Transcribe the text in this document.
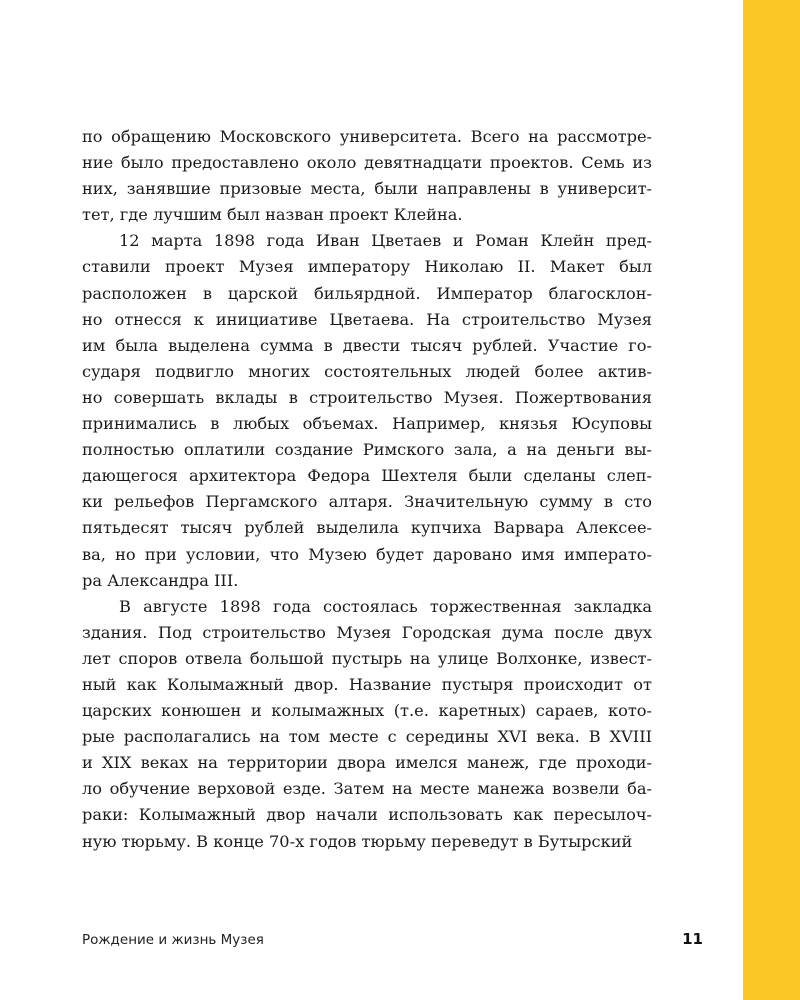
по обращению Московского университета. Всего на рассмотре-
ние было предоставлено около девятнадцати проектов. Семь из
них, занявшие призовые места, были направлены в университ-
тет, где лучшим был назван проект Клейна.
12 марта 1898 года Иван Цветаев и Роман Клейн пред-
ставили проект Музея императору Николаю II. Макет был
расположен в царской бильярдной. Император благосклон-
но отнесся к инициативе Цветаева. На строительство Музея
им была выделена сумма в двести тысяч рублей. Участие го-
сударя подвигло многих состоятельных людей более актив-
но совершать вклады в строительство Музея. Пожертвования
принимались в любых объемах. Например, князья Юсуповы
полностью оплатили создание Римского зала, а на деньги вы-
дающегося архитектора Федора Шехтеля были сделаны слеп-
ки рельефов Пергамского алтаря. Значительную сумму в сто
пятьдесят тысяч рублей выделила купчиха Варвара Алексее-
ва, но при условии, что Музею будет даровано имя императо-
ра Александра III.
В августе 1898 года состоялась торжественная закладка
здания. Под строительство Музея Городская дума после двух
лет споров отвела большой пустырь на улице Волхонке, извест-
ный как Колымажный двор. Название пустыря происходит от
царских конюшен и колымажных (т.е. каретных) сараев, кото-
рые располагались на том месте с середины XVI века. В XVIII
и XIX веках на территории двора имелся манеж, где проходи-
ло обучение верховой езде. Затем на месте манежа возвели ба-
раки: Колымажный двор начали использовать как пересылоч-
ную тюрьму. В конце 70-х годов тюрьму переведут в Бутырский
Рождение и жизнь Музея	11
